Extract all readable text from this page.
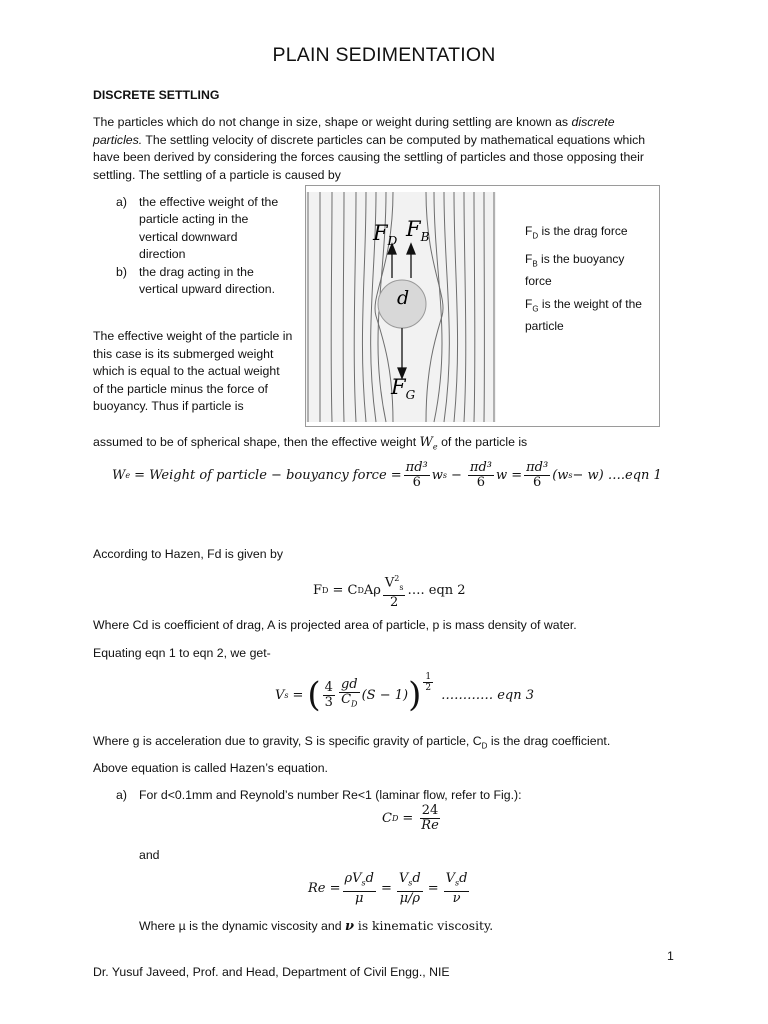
PLAIN SEDIMENTATION
DISCRETE SETTLING
The particles which do not change in size, shape or weight during settling are known as discrete particles. The settling velocity of discrete particles can be computed by mathematical equations which have been derived by considering the forces causing the settling of particles and those opposing their settling. The settling of a particle is caused by
a) the effective weight of the particle acting in the vertical downward direction
b) the drag acting in the vertical upward direction.
The effective weight of the particle in this case is its submerged weight which is equal to the actual weight of the particle minus the force of buoyancy. Thus if particle is
assumed to be of spherical shape, then the effective weight $W_e$ of the particle is
$F_D$ $F_B$
d
$F_G$
$F_D$ is the drag force
$F_B$ is the buoyancy force
$F_G$ is the weight of the particle
W e = Weight of particle − bouyancy force = $\frac{\text{πd³}}{6}$ w $s - \frac{\text{πd³}}{6}$ $w = \frac{\text{πd³}}{6} (w$ s − w) …. eqn 1
According to Hazen, Fd is given by
F D = C D Aρ $\frac{V^2_s}{2}$ …. eqn 2
Where Cd is coefficient of drag, A is projected area of particle, p is mass density of water.
Equating eqn 1 to eqn 2, we get-
V s = ( $\frac{4}{3} \frac{gd}{C_D} (S - 1)$ ) $\frac{1}{2}$
………… eqn 3
Where g is acceleration due to gravity, S is specific gravity of particle, $C_D$ is the drag coefficient.
Above equation is called Hazen’s equation.
a) For d<0.1mm and Reynold’s number Re<1 (laminar flow, refer to Fig.):
C $D = \frac{24}{Re}$
and
$Re = \frac{\rho V_sd}{\mu} = \frac{V_sd}{\mu/\rho} = \frac{V_sd}{\nu}$
Where µ is the dynamic viscosity and ν is kinematic viscosity.
1
Dr. Yusuf Javeed, Prof. and Head, Department of Civil Engg., NIE
